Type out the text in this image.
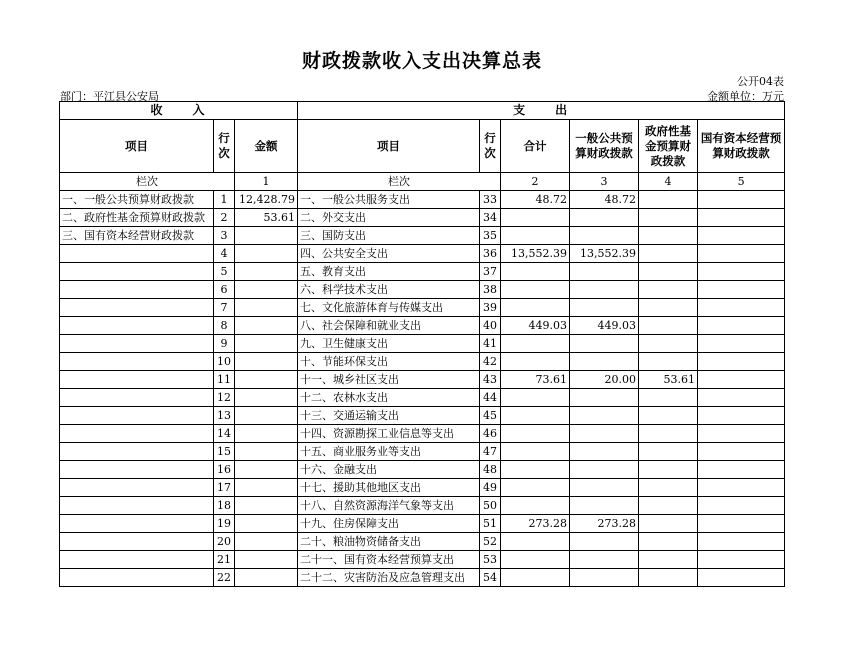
财政拨款收入支出决算总表
公开04表
部门：平江县公安局	金额单位：万元
收　　入			支　　出					
项目	行次	金额	项目	行次	合计	一般公共预算财政拨款	政府性基金预算财政拨款	国有资本经营预算财政拨款
栏次		1	栏次		2	3	4	5
一、一般公共预算财政拨款	1	12,428.79	一、一般公共服务支出	33	48.72	48.72		
二、政府性基金预算财政拨款	2	53.61	二、外交支出	34				
三、国有资本经营财政拨款	3		三、国防支出	35				
	4		四、公共安全支出	36	13,552.39	13,552.39		
	5		五、教育支出	37				
	6		六、科学技术支出	38				
	7		七、文化旅游体育与传媒支出	39				
	8		八、社会保障和就业支出	40	449.03	449.03		
	9		九、卫生健康支出	41				
	10		十、节能环保支出	42				
	11		十一、城乡社区支出	43	73.61	20.00	53.61	
	12		十二、农林水支出	44				
	13		十三、交通运输支出	45				
	14		十四、资源勘探工业信息等支出	46				
	15		十五、商业服务业等支出	47				
	16		十六、金融支出	48				
	17		十七、援助其他地区支出	49				
	18		十八、自然资源海洋气象等支出	50				
	19		十九、住房保障支出	51	273.28	273.28		
	20		二十、粮油物资储备支出	52				
	21		二十一、国有资本经营预算支出	53				
	22		二十二、灾害防治及应急管理支出	54				
